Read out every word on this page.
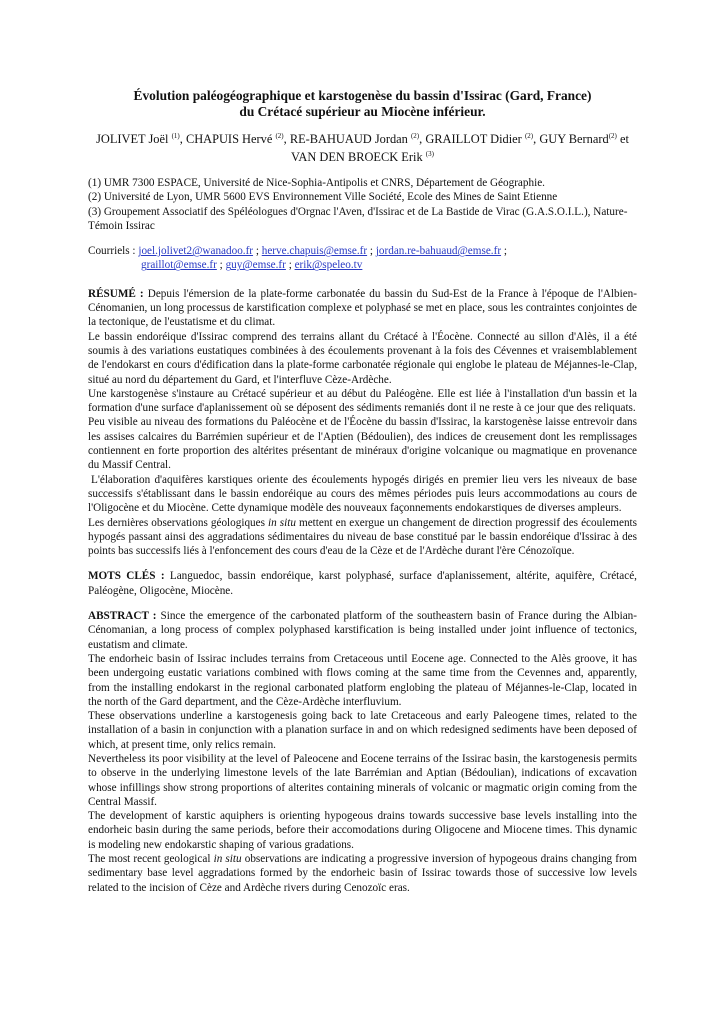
Évolution paléogéographique et karstogenèse du bassin d'Issirac (Gard, France)
du Crétacé supérieur au Miocène inférieur.
JOLIVET Joël $^{(1)}$, CHAPUIS Hervé $^{(2)}$, RE-BAHUAUD Jordan $^{(2)}$, GRAILLOT Didier $^{(2)}$, GUY Bernard$^{(2)}$ et VAN DEN BROECK Erik $^{(3)}$
(1) UMR 7300 ESPACE, Université de Nice-Sophia-Antipolis et CNRS, Département de Géographie.
(2) Université de Lyon, UMR 5600 EVS Environnement Ville Société, Ecole des Mines de Saint Etienne
(3) Groupement Associatif des Spéléologues d'Orgnac l'Aven, d'Issirac et de La Bastide de Virac (G.A.S.O.I.L.), Nature-Témoin Issirac
Courriels : joel.jolivet2@wanadoo.fr ; herve.chapuis@emse.fr ; jordan.re-bahuaud@emse.fr ;
graillot@emse.fr ; guy@emse.fr ; erik@speleo.tv

RÉSUMÉ : Depuis l'émersion de la plate-forme carbonatée du bassin du Sud-Est de la France à l'époque de l'Albien-Cénomanien, un long processus de karstification complexe et polyphasé se met en place, sous les contraintes conjointes de la tectonique, de l'eustatisme et du climat.

Le bassin endoréique d'Issirac comprend des terrains allant du Crétacé à l'Éocène. Connecté au sillon d'Alès, il a été soumis à des variations eustatiques combinées à des écoulements provenant à la fois des Cévennes et vraisemblablement de l'endokarst en cours d'édification dans la plate-forme carbonatée régionale qui englobe le plateau de Méjannes-le-Clap, situé au nord du département du Gard, et l'interfluve Cèze-Ardèche.

Une karstogenèse s'instaure au Crétacé supérieur et au début du Paléogène. Elle est liée à l'installation d'un bassin et la formation d'une surface d'aplanissement où se déposent des sédiments remaniés dont il ne reste à ce jour que des reliquats.

Peu visible au niveau des formations du Paléocène et de l'Éocène du bassin d'Issirac, la karstogenèse laisse entrevoir dans les assises calcaires du Barrémien supérieur et de l'Aptien (Bédoulien), des indices de creusement dont les remplissages contiennent en forte proportion des altérites présentant de minéraux d'origine volcanique ou magmatique en provenance du Massif Central.

L'élaboration d'aquifères karstiques oriente des écoulements hypogés dirigés en premier lieu vers les niveaux de base successifs s'établissant dans le bassin endoréique au cours des mêmes périodes puis leurs accommodations au cours de l'Oligocène et du Miocène. Cette dynamique modèle des nouveaux façonnements endokarstiques de diverses ampleurs.

Les dernières observations géologiques in situ mettent en exergue un changement de direction progressif des écoulements hypogés passant ainsi des aggradations sédimentaires du niveau de base constitué par le bassin endoréique d'Issirac à des points bas successifs liés à l'enfoncement des cours d'eau de la Cèze et de l'Ardèche durant l'ère Cénozoïque.

MOTS CLÉS : Languedoc, bassin endoréique, karst polyphasé, surface d'aplanissement, altérite, aquifère, Crétacé, Paléogène, Oligocène, Miocène.

ABSTRACT : Since the emergence of the carbonated platform of the southeastern basin of France during the Albian-Cénomanian, a long process of complex polyphased karstification is being installed under joint influence of tectonics, eustatism and climate.

The endorheic basin of Issirac includes terrains from Cretaceous until Eocene age. Connected to the Alès groove, it has been undergoing eustatic variations combined with flows coming at the same time from the Cevennes and, apparently, from the installing endokarst in the regional carbonated platform englobing the plateau of Méjannes-le-Clap, located in the north of the Gard department, and the Cèze-Ardèche interfluvium.

These observations underline a karstogenesis going back to late Cretaceous and early Paleogene times, related to the installation of a basin in conjunction with a planation surface in and on which redesigned sediments have been deposed of which, at present time, only relics remain.

Nevertheless its poor visibility at the level of Paleocene and Eocene terrains of the Issirac basin, the karstogenesis permits to observe in the underlying limestone levels of the late Barrémian and Aptian (Bédoulian), indications of excavation whose infillings show strong proportions of alterites containing minerals of volcanic or magmatic origin coming from the Central Massif.

The development of karstic aquiphers is orienting hypogeous drains towards successive base levels installing into the endorheic basin during the same periods, before their accomodations during Oligocene and Miocene times. This dynamic is modeling new endokarstic shaping of various gradations.

The most recent geological in situ observations are indicating a progressive inversion of hypogeous drains changing from sedimentary base level aggradations formed by the endorheic basin of Issirac towards those of successive low levels related to the incision of Cèze and Ardèche rivers during Cenozoïc eras.
